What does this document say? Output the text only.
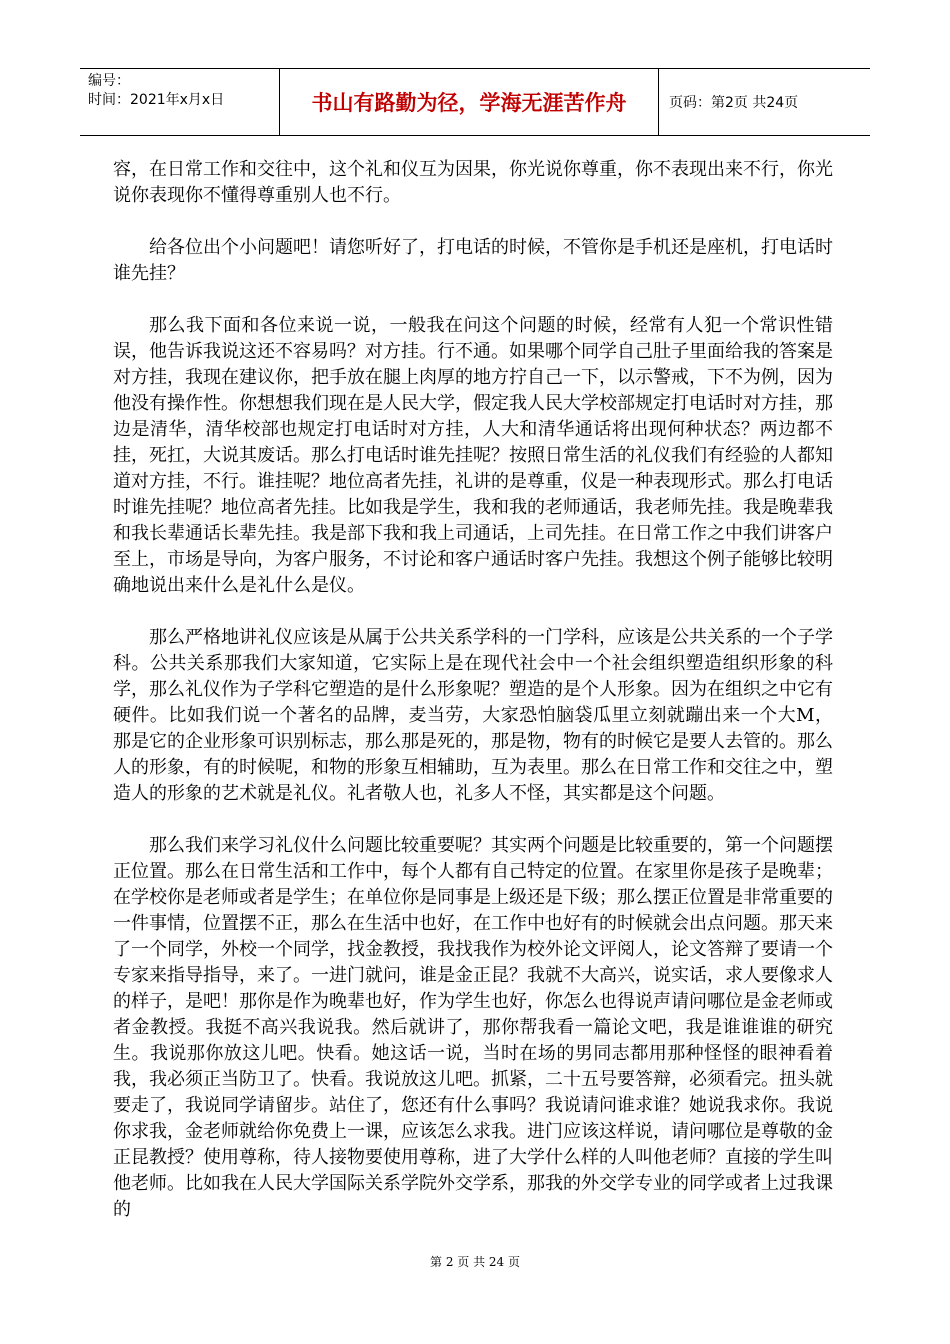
编号：
时间：2021年x月x日	书山有路勤为径，学海无涯苦作舟	页码：第2页 共24页

容，在日常工作和交往中，这个礼和仪互为因果，你光说你尊重，你不表现出来不行，你光说你表现你不懂得尊重别人也不行。

给各位出个小问题吧！请您听好了，打电话的时候，不管你是手机还是座机，打电话时谁先挂？

那么我下面和各位来说一说，一般我在问这个问题的时候，经常有人犯一个常识性错误，他告诉我说这还不容易吗？对方挂。行不通。如果哪个同学自己肚子里面给我的答案是对方挂，我现在建议你，把手放在腿上肉厚的地方拧自己一下，以示警戒，下不为例，因为他没有操作性。你想想我们现在是人民大学，假定我人民大学校部规定打电话时对方挂，那边是清华，清华校部也规定打电话时对方挂，人大和清华通话将出现何种状态？两边都不挂，死扛，大说其废话。那么打电话时谁先挂呢？按照日常生活的礼仪我们有经验的人都知道对方挂，不行。谁挂呢？地位高者先挂，礼讲的是尊重，仪是一种表现形式。那么打电话时谁先挂呢？地位高者先挂。比如我是学生，我和我的老师通话，我老师先挂。我是晚辈我和我长辈通话长辈先挂。我是部下我和我上司通话，上司先挂。在日常工作之中我们讲客户至上，市场是导向，为客户服务，不讨论和客户通话时客户先挂。我想这个例子能够比较明确地说出来什么是礼什么是仪。

那么严格地讲礼仪应该是从属于公共关系学科的一门学科，应该是公共关系的一个子学科。公共关系那我们大家知道，它实际上是在现代社会中一个社会组织塑造组织形象的科学，那么礼仪作为子学科它塑造的是什么形象呢？塑造的是个人形象。因为在组织之中它有硬件。比如我们说一个著名的品牌，麦当劳，大家恐怕脑袋瓜里立刻就蹦出来一个大M，那是它的企业形象可识别标志，那么那是死的，那是物，物有的时候它是要人去管的。那么人的形象，有的时候呢，和物的形象互相辅助，互为表里。那么在日常工作和交往之中，塑造人的形象的艺术就是礼仪。礼者敬人也，礼多人不怪，其实都是这个问题。

那么我们来学习礼仪什么问题比较重要呢？其实两个问题是比较重要的，第一个问题摆正位置。那么在日常生活和工作中，每个人都有自己特定的位置。在家里你是孩子是晚辈；在学校你是老师或者是学生；在单位你是同事是上级还是下级；那么摆正位置是非常重要的一件事情，位置摆不正，那么在生活中也好，在工作中也好有的时候就会出点问题。那天来了一个同学，外校一个同学，找金教授，我找我作为校外论文评阅人，论文答辩了要请一个专家来指导指导，来了。一进门就问，谁是金正昆？我就不大高兴，说实话，求人要像求人的样子，是吧！那你是作为晚辈也好，作为学生也好，你怎么也得说声请问哪位是金老师或者金教授。我挺不高兴我说我。然后就讲了，那你帮我看一篇论文吧，我是谁谁谁的研究生。我说那你放这儿吧。快看。她这话一说，当时在场的男同志都用那种怪怪的眼神看着我，我必须正当防卫了。快看。我说放这儿吧。抓紧，二十五号要答辩，必须看完。扭头就要走了，我说同学请留步。站住了，您还有什么事吗？我说请问谁求谁？她说我求你。我说你求我，金老师就给你免费上一课，应该怎么求我。进门应该这样说，请问哪位是尊敬的金正昆教授？使用尊称，待人接物要使用尊称，进了大学什么样的人叫他老师？直接的学生叫他老师。比如我在人民大学国际关系学院外交学系，那我的外交学专业的同学或者上过我课的

第 2 页 共 24 页
